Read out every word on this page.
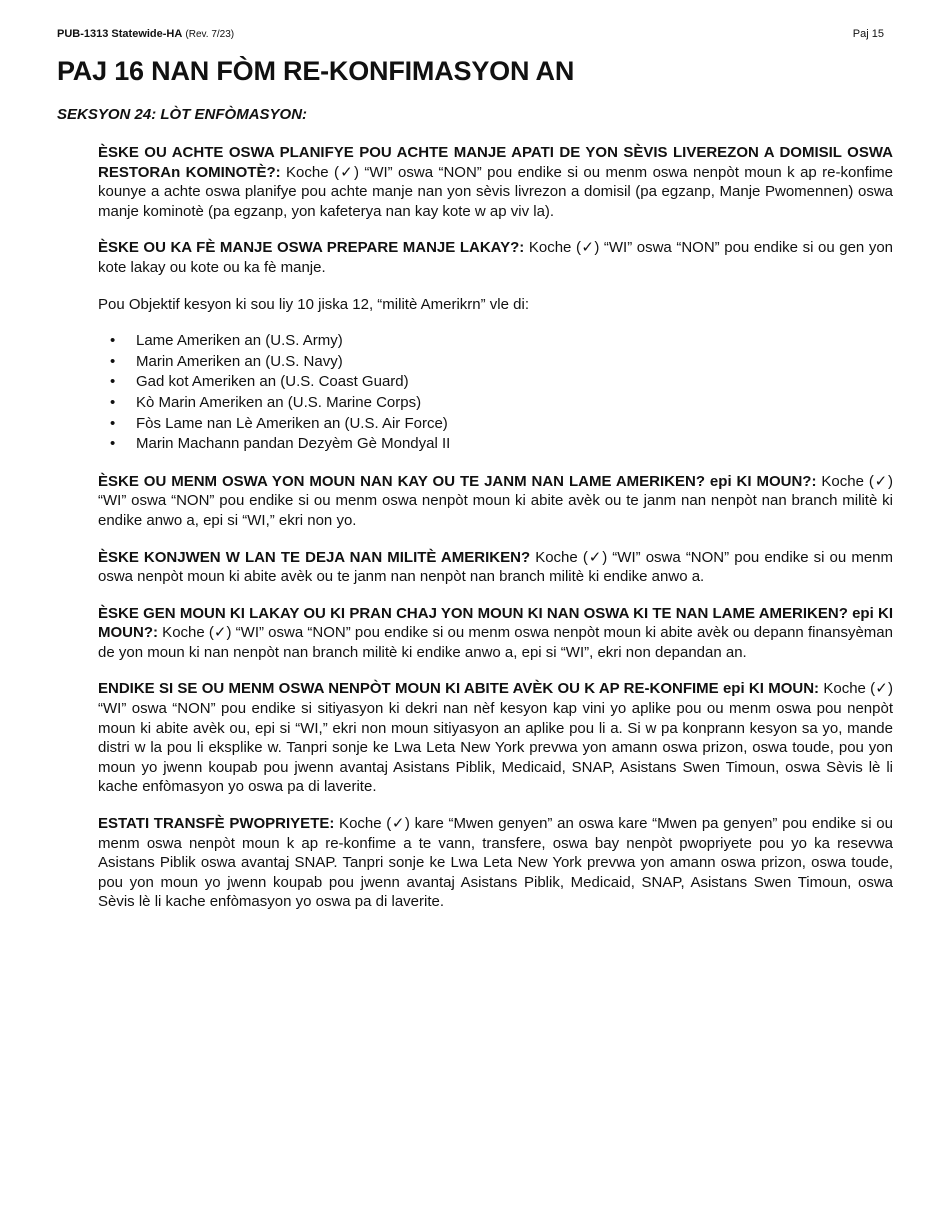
PUB-1313 Statewide-HA (Rev. 7/23)	Paj 15
PAJ 16 NAN FÒM RE-KONFIMASYON AN
SEKSYON 24: LÒT ENFÒMASYON:

ÈSKE OU ACHTE OSWA PLANIFYE POU ACHTE MANJE APATI DE YON SÈVIS LIVEREZON A DOMISIL OSWA RESTORAn KOMINOTÈ?: Koche (✓) “WI” oswa “NON” pou endike si ou menm oswa nenpòt moun k ap re-konfime kounye a achte oswa planifye pou achte manje nan yon sèvis livrezon a domisil (pa egzanp, Manje Pwomennen) oswa manje kominotè (pa egzanp, yon kafeterya nan kay kote w ap viv la).

ÈSKE OU KA FÈ MANJE OSWA PREPARE MANJE LAKAY?: Koche (✓) “WI” oswa “NON” pou endike si ou gen yon kote lakay ou kote ou ka fè manje.

Pou Objektif kesyon ki sou liy 10 jiska 12, “militè Amerikrn” vle di:

• Lame Ameriken an (U.S. Army)
• Marin Ameriken an (U.S. Navy)
• Gad kot Ameriken an (U.S. Coast Guard)
• Kò Marin Ameriken an (U.S. Marine Corps)
• Fòs Lame nan Lè Ameriken an (U.S. Air Force)
• Marin Machann pandan Dezyèm Gè Mondyal II

ÈSKE OU MENM OSWA YON MOUN NAN KAY OU TE JANM NAN LAME AMERIKEN? epi KI MOUN?: Koche (✓) “WI” oswa “NON” pou endike si ou menm oswa nenpòt moun ki abite avèk ou te janm nan nenpòt nan branch militè ki endike anwo a, epi si “WI,” ekri non yo.

ÈSKE KONJWEN W LAN TE DEJA NAN MILITÈ AMERIKEN? Koche (✓) “WI” oswa “NON” pou endike si ou menm oswa nenpòt moun ki abite avèk ou te janm nan nenpòt nan branch militè ki endike anwo a.

ÈSKE GEN MOUN KI LAKAY OU KI PRAN CHAJ YON MOUN KI NAN OSWA KI TE NAN LAME AMERIKEN? epi KI MOUN?: Koche (✓) “WI” oswa “NON” pou endike si ou menm oswa nenpòt moun ki abite avèk ou depann finansyèman de yon moun ki nan nenpòt nan branch militè ki endike anwo a, epi si “WI”, ekri non depandan an.

ENDIKE SI SE OU MENM OSWA NENPÒT MOUN KI ABITE AVÈK OU K AP RE-KONFIME epi KI MOUN: Koche (✓) “WI” oswa “NON” pou endike si sitiyasyon ki dekri nan nèf kesyon kap vini yo aplike pou ou menm oswa pou nenpòt moun ki abite avèk ou, epi si “WI,” ekri non moun sitiyasyon an aplike pou li a. Si w pa konprann kesyon sa yo, mande distri w la pou li eksplike w. Tanpri sonje ke Lwa Leta New York prevwa yon amann oswa prizon, oswa toude, pou yon moun yo jwenn koupab pou jwenn avantaj Asistans Piblik, Medicaid, SNAP, Asistans Swen Timoun, oswa Sèvis lè li kache enfòmasyon yo oswa pa di laverite.

ESTATI TRANSFÈ PWOPRIYETE: Koche (✓) kare “Mwen genyen” an oswa kare “Mwen pa genyen” pou endike si ou menm oswa nenpòt moun k ap re-konfime a te vann, transfere, oswa bay nenpòt pwopriyete pou yo ka resevwa Asistans Piblik oswa avantaj SNAP. Tanpri sonje ke Lwa Leta New York prevwa yon amann oswa prizon, oswa toude, pou yon moun yo jwenn koupab pou jwenn avantaj Asistans Piblik, Medicaid, SNAP, Asistans Swen Timoun, oswa Sèvis lè li kache enfòmasyon yo oswa pa di laverite.
